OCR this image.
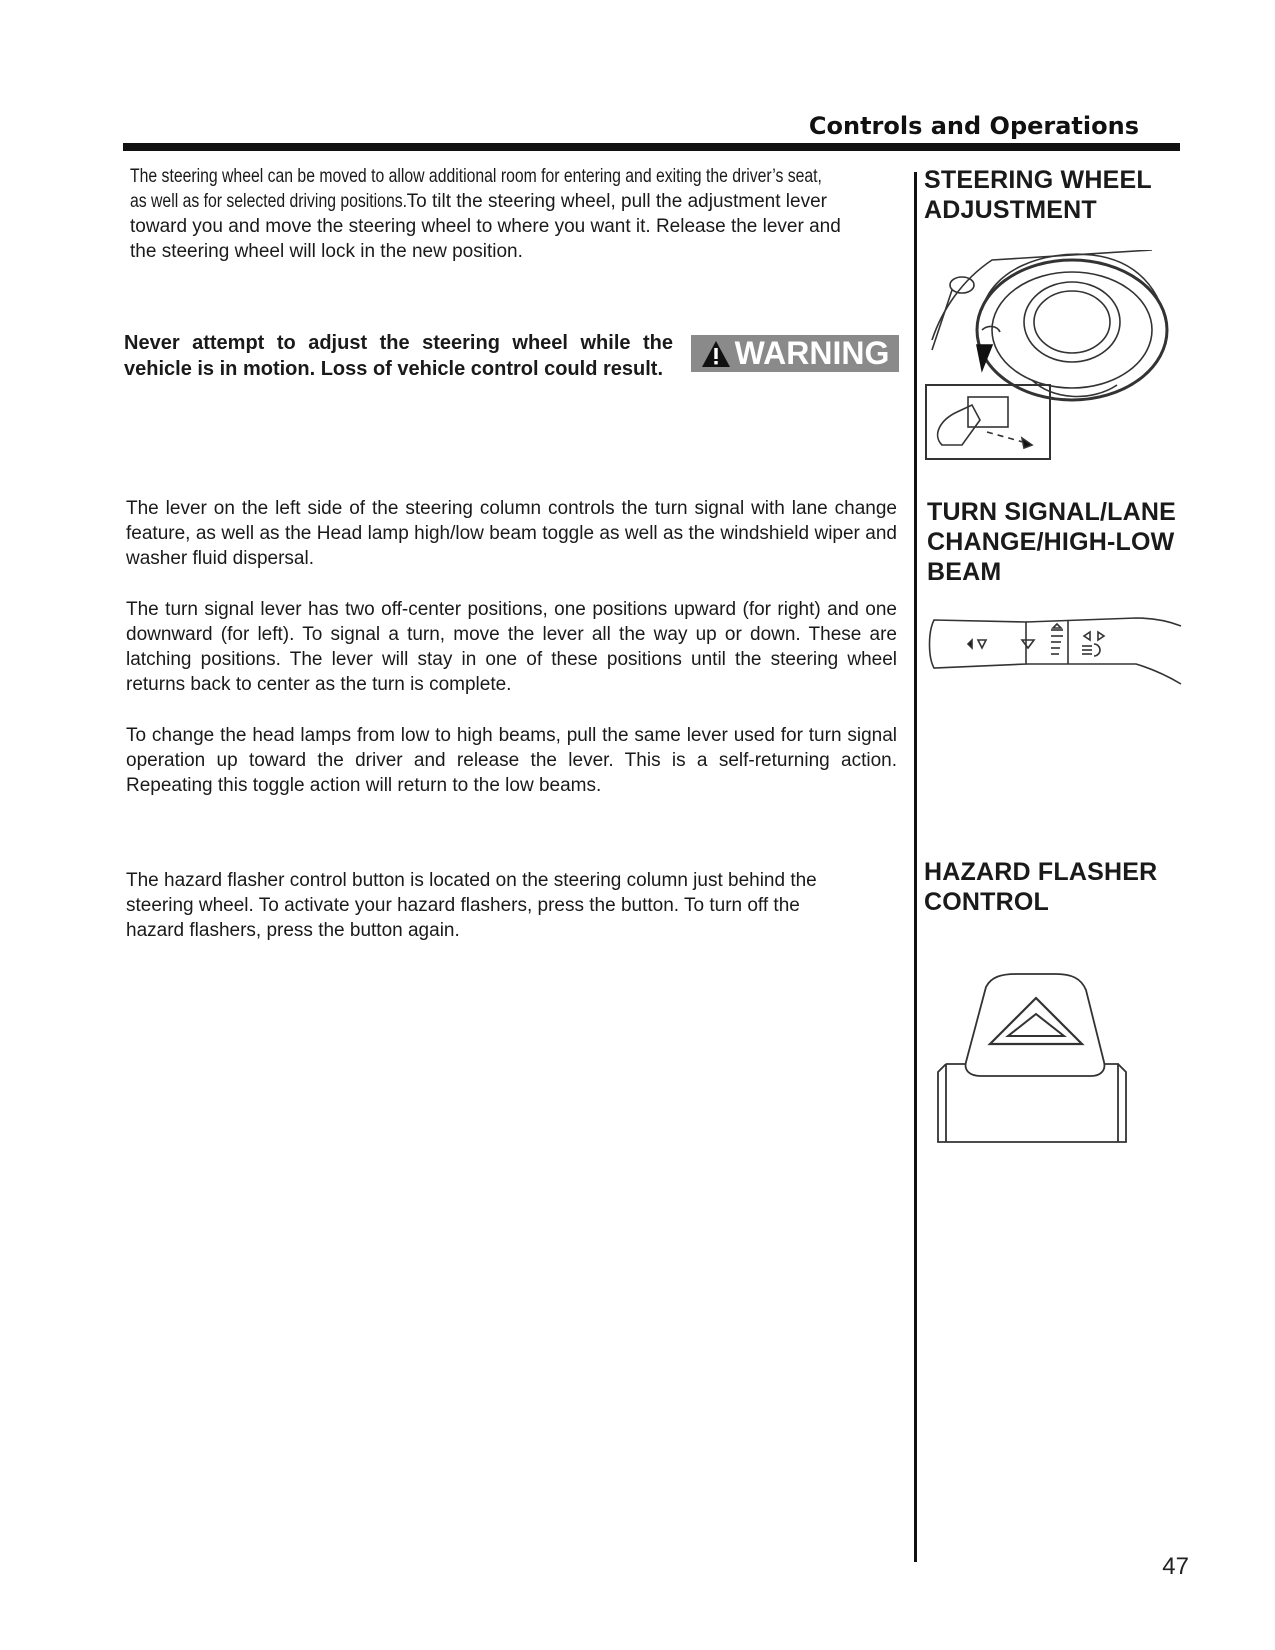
Controls and Operations
The steering wheel can be moved to allow additional room for entering and exiting the driver’s seat,
as well as for selected driving positions. To tilt the steering wheel, pull the adjustment lever
toward you and move the steering wheel to where you want it. Release the lever and
the steering wheel will lock in the new position.
STEERING WHEEL
ADJUSTMENT

Never attempt to adjust the steering wheel while the vehicle is in motion. Loss of vehicle control could result.	WARNING

The lever on the left side of the steering column controls the turn signal with lane change feature, as well as the Head lamp high/low beam toggle as well as the windshield wiper and washer fluid dispersal.

The turn signal lever has two off-center positions, one positions upward (for right) and one downward (for left). To signal a turn, move the lever all the way up or down. These are latching positions. The lever will stay in one of these positions until the steering wheel returns back to center as the turn is complete.

To change the head lamps from low to high beams, pull the same lever used for turn signal operation up toward the driver and release the lever. This is a self-returning action. Repeating this toggle action will return to the low beams.

TURN SIGNAL/LANE
CHANGE/HIGH-LOW
BEAM
The hazard flasher control button is located on the steering column just behind the
steering wheel. To activate your hazard flashers, press the button. To turn off the
hazard flashers, press the button again.
HAZARD FLASHER
CONTROL
47
